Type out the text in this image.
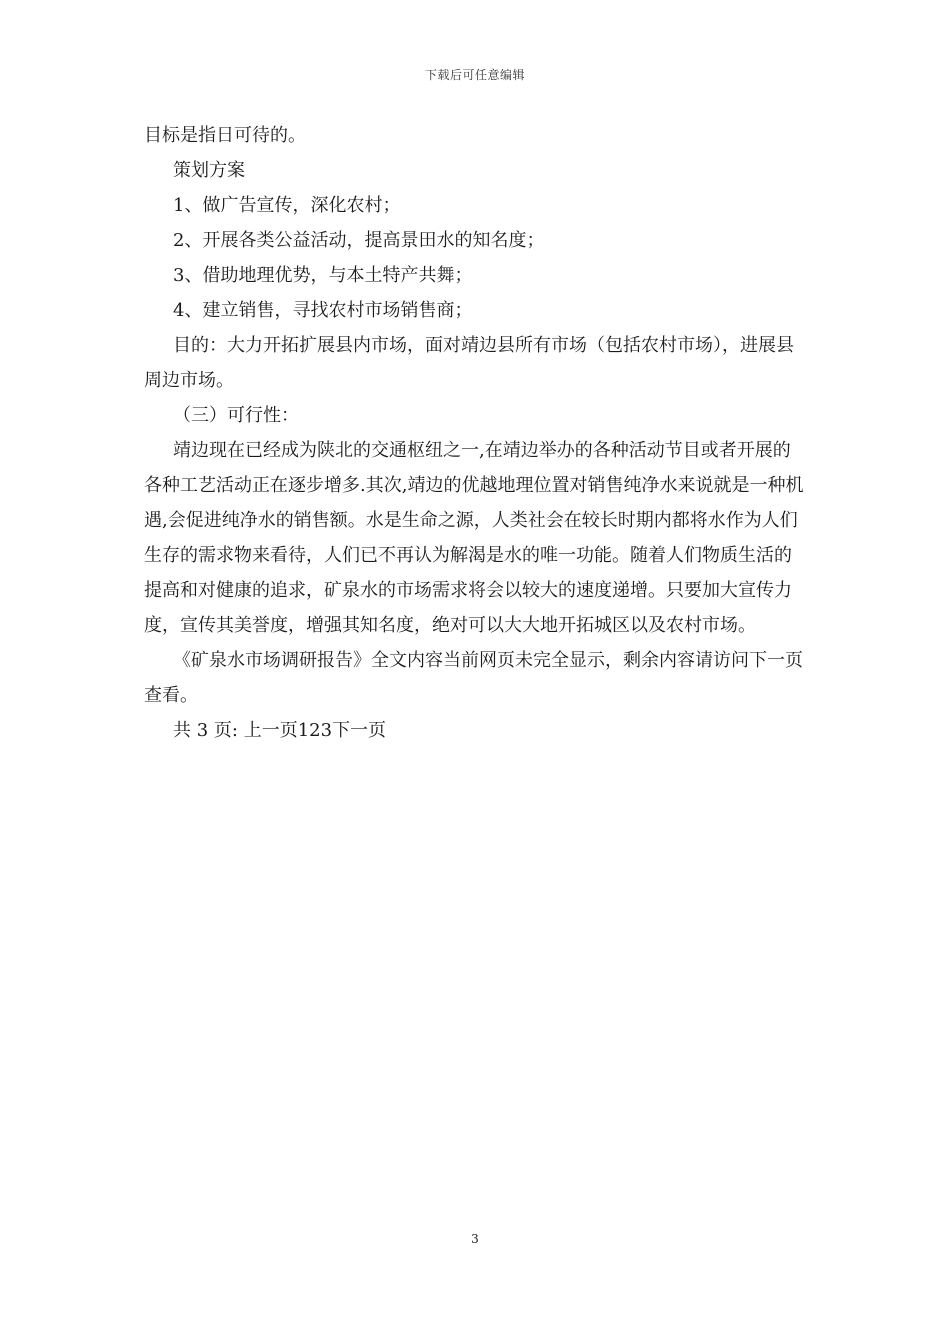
下载后可任意编辑

目标是指日可待的。

策划方案

1、做广告宣传，深化农村；

2、开展各类公益活动，提高景田水的知名度；

3、借助地理优势，与本土特产共舞；

4、建立销售，寻找农村市场销售商；

目的：大力开拓扩展县内市场，面对靖边县所有市场（包括农村市场），进展县周边市场。

（三）可行性：

靖边现在已经成为陕北的交通枢纽之一,在靖边举办的各种活动节目或者开展的各种工艺活动正在逐步增多.其次,靖边的优越地理位置对销售纯净水来说就是一种机遇,会促进纯净水的销售额。水是生命之源，人类社会在较长时期内都将水作为人们生存的需求物来看待，人们已不再认为解渴是水的唯一功能。随着人们物质生活的提高和对健康的追求，矿泉水的市场需求将会以较大的速度递增。只要加大宣传力度，宣传其美誉度，增强其知名度，绝对可以大大地开拓城区以及农村市场。

《矿泉水市场调研报告》全文内容当前网页未完全显示，剩余内容请访问下一页查看。

共 3 页: 上一页123下一页

3
